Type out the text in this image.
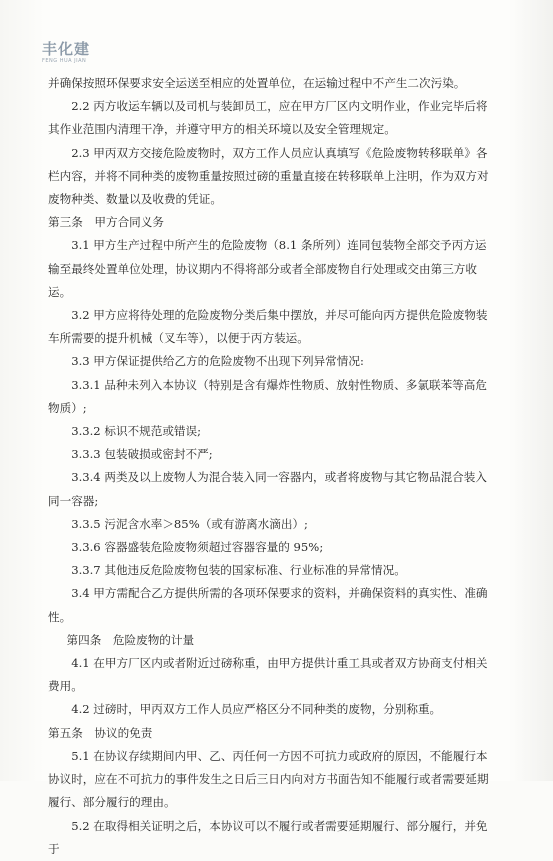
丰化建
FENG HUA JIAN

并确保按照环保要求安全运送至相应的处置单位，在运输过程中不产生二次污染。

2.2 丙方收运车辆以及司机与装卸员工，应在甲方厂区内文明作业，作业完毕后将其作业范围内清理干净，并遵守甲方的相关环境以及安全管理规定。

2.3 甲丙双方交接危险废物时，双方工作人员应认真填写《危险废物转移联单》各栏内容，并将不同种类的废物重量按照过磅的重量直接在转移联单上注明，作为双方对废物种类、数量以及收费的凭证。

第三条　甲方合同义务

3.1 甲方生产过程中所产生的危险废物（8.1 条所列）连同包装物全部交予丙方运输至最终处置单位处理，协议期内不得将部分或者全部废物自行处理或交由第三方收运。

3.2 甲方应将待处理的危险废物分类后集中摆放，并尽可能向丙方提供危险废物装车所需要的提升机械（叉车等），以便于丙方装运。

3.3 甲方保证提供给乙方的危险废物不出现下列异常情况:

3.3.1 品种未列入本协议（特别是含有爆炸性物质、放射性物质、多氯联苯等高危物质）;

3.3.2 标识不规范或错误;

3.3.3 包装破损或密封不严;

3.3.4 两类及以上废物人为混合装入同一容器内，或者将废物与其它物品混合装入同一容器;

3.3.5 污泥含水率＞85%（或有游离水滴出）;

3.3.6 容器盛装危险废物须超过容器容量的 95%;

3.3.7 其他违反危险废物包装的国家标准、行业标准的异常情况。

3.4 甲方需配合乙方提供所需的各项环保要求的资料，并确保资料的真实性、准确性。

第四条　危险废物的计量

4.1 在甲方厂区内或者附近过磅称重，由甲方提供计重工具或者双方协商支付相关费用。

4.2 过磅时，甲丙双方工作人员应严格区分不同种类的废物，分别称重。

第五条　协议的免责

5.1 在协议存续期间内甲、乙、丙任何一方因不可抗力或政府的原因，不能履行本协议时，应在不可抗力的事件发生之日后三日内向对方书面告知不能履行或者需要延期履行、部分履行的理由。

5.2 在取得相关证明之后，本协议可以不履行或者需要延期履行、部分履行，并免于
